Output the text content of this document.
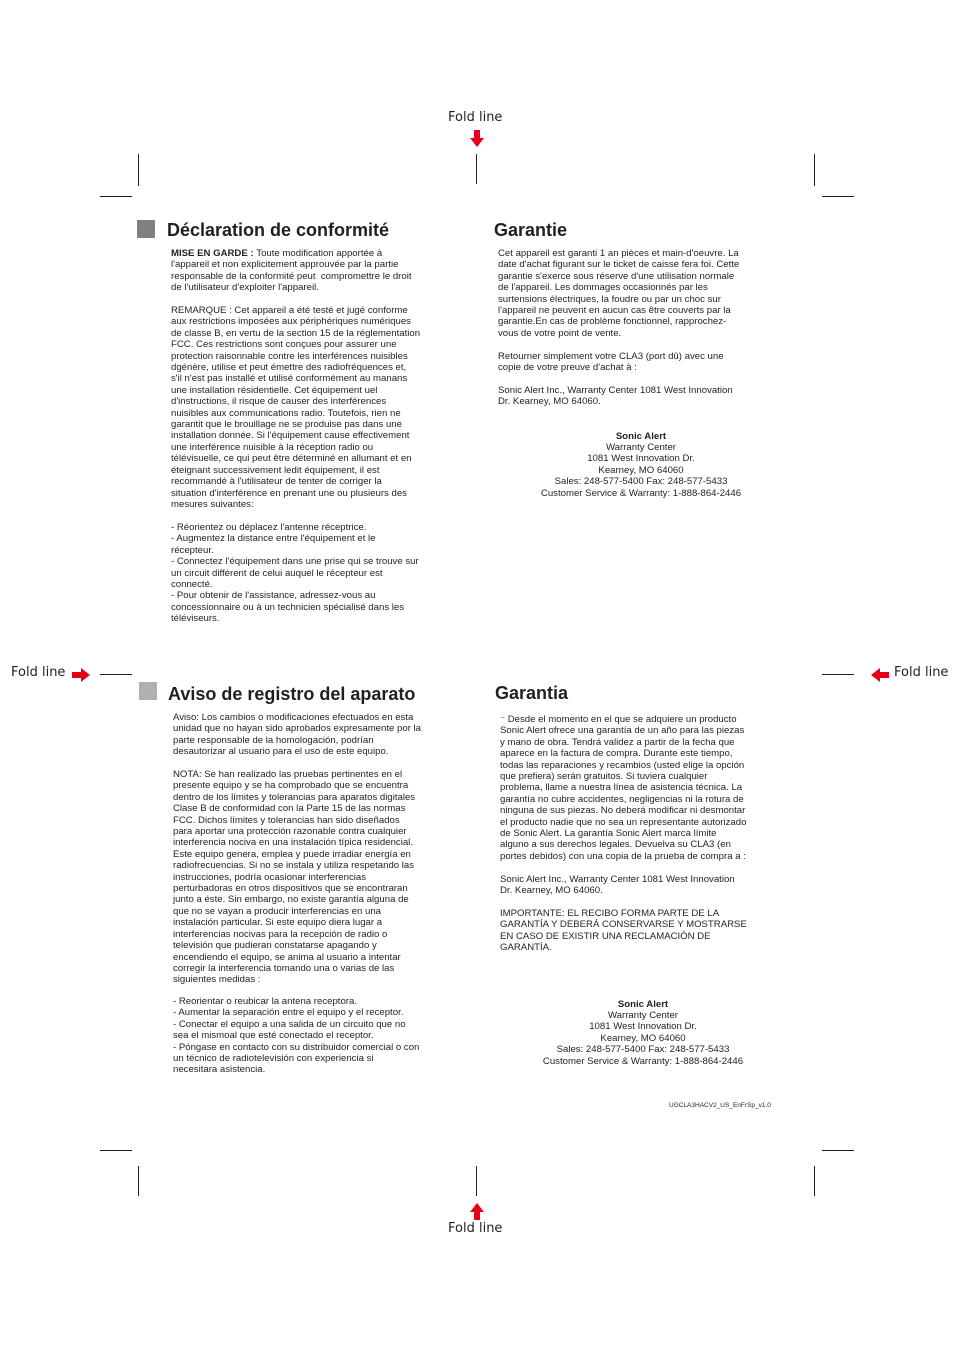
Fold line
Fold line	Fold line
Fold line
Déclaration de conformité
MISE EN GARDE : Toute modification apportée à
l'appareil et non explicitement approuvée par la partie
responsable de la conformité peut  compromettre le droit
de l'utilisateur d'exploiter l'appareil.
REMARQUE : Cet appareil a été testé et jugé conforme
aux restrictions imposées aux périphériques numériques
de classe B, en vertu de la section 15 de la réglementation
FCC. Ces restrictions sont conçues pour assurer une
protection raisonnable contre les interférences nuisibles
dgénère, utilise et peut émettre des radiofréquences et,
s'il n'est pas installé et utilisé conformément au manans
une installation résidentielle. Cet équipement uel
d'instructions, il risque de causer des interférences
nuisibles aux communications radio. Toutefois, rien ne
garantit que le brouillage ne se produise pas dans une
installation donnée. Si l'équipement cause effectivement
une interférence nuisible à la réception radio ou
télévisuelle, ce qui peut être déterminé en allumant et en
éteignant successivement ledit équipement, il est
recommandé à l'utilisateur de tenter de corriger la
situation d'interférence en prenant une ou plusieurs des
mesures suivantes:
- Réorientez ou déplacez l'antenne réceptrice.
- Augmentez la distance entre l'équipement et le
récepteur.
- Connectez l'équipement dans une prise qui se trouve sur
un circuit différent de celui auquel le récepteur est
connecté.
- Pour obtenir de l'assistance, adressez-vous au
concessionnaire ou à un technicien spécialisé dans les
téléviseurs.
Garantie
Cet appareil est garanti 1 an pièces et main-d'oeuvre. La
date d'achat figurant sur le ticket de caisse fera foi. Cette
garantie s'exerce sous réserve d'une utilisation normale
de l'appareil. Les dommages occasionnés par les
surtensions électriques, la foudre ou par un choc sur
l'appareil ne peuvent en aucun cas être couverts par la
garantie.En cas de problème fonctionnel, rapprochez-
vous de votre point de vente.
Retourner simplement votre CLA3 (port dû) avec une
copie de votre preuve d'achat à :
Sonic Alert Inc., Warranty Center 1081 West Innovation
Dr. Kearney, MO 64060.
Sonic Alert
Warranty Center
1081 West Innovation Dr.
Kearney, MO 64060
Sales: 248-577-5400 Fax: 248-577-5433
Customer Service & Warranty: 1-888-864-2446
Aviso de registro del aparato
Aviso: Los cambios o modificaciones efectuados en esta
unidad que no hayan sido aprobados expresamente por la
parte responsable de la homologación, podrían
desautorizar al usuario para el uso de este equipo.
NOTA: Se han realizado las pruebas pertinentes en el
presente equipo y se ha comprobado que se encuentra
dentro de los límites y tolerancias para aparatos digitales
Clase B de conformidad con la Parte 15 de las normas
FCC. Dichos límites y tolerancias han sido diseñados
para aportar una protección razonable contra cualquier
interferencia nociva en una instalación típica residencial.
Este equipo genera, emplea y puede irradiar energía en
radiofrecuencias. Si no se instala y utiliza respetando las
instrucciones, podría ocasionar interferencias
perturbadoras en otros dispositivos que se encontraran
junto a éste. Sin embargo, no existe garantía alguna de
que no se vayan a producir interferencias en una
instalación particular. Si este equipo diera lugar a
interferencias nocivas para la recepción de radio o
televisión que pudieran constatarse apagando y
encendiendo el equipo, se anima al usuario a intentar
corregir la interferencia tomando una o varias de las
siguientes medidas :
- Reorientar o reubicar la antena receptora.
- Aumentar la separación entre el equipo y el receptor.
- Conectar el equipo a una salida de un circuito que no
sea el mismoal que esté conectado el receptor.
- Póngase en contacto con su distribuidor comercial o con
un técnico de radiotelevisión con experiencia si
necesitara asistencia.
Garantia
⁻ Desde el momento en el que se adquiere un producto
Sonic Alert ofrece una garantía de un año para las piezas
y mano de obra. Tendrá validez a partir de la fecha que
aparece en la factura de compra. Durante este tiempo,
todas las reparaciones y recambios (usted elige la opción
que prefiera) serán gratuitos. Si tuviera cualquier
problema, llame a nuestra línea de asistencia técnica. La
garantía no cubre accidentes, negligencias ni la rotura de
ninguna de sus piezas. No deberá modificar ni desmontar
el producto nadie que no sea un representante autorizado
de Sonic Alert. La garantía Sonic Alert marca límite
alguno a sus derechos legales. Devuelva su CLA3 (en
portes debidos) con una copia de la prueba de compra a :
Sonic Alert Inc., Warranty Center 1081 West Innovation
Dr. Kearney, MO 64060.
IMPORTANTE: EL RECIBO FORMA PARTE DE LA
GARANTÍA Y DEBERÁ CONSERVARSE Y MOSTRARSE
EN CASO DE EXISTIR UNA RECLAMACIÓN DE
GARANTÍA.
Sonic Alert
Warranty Center
1081 West Innovation Dr.
Kearney, MO 64060
Sales: 248-577-5400 Fax: 248-577-5433
Customer Service & Warranty: 1-888-864-2446
UGCLA3HACV2_US_EnFrSp_v1.0
